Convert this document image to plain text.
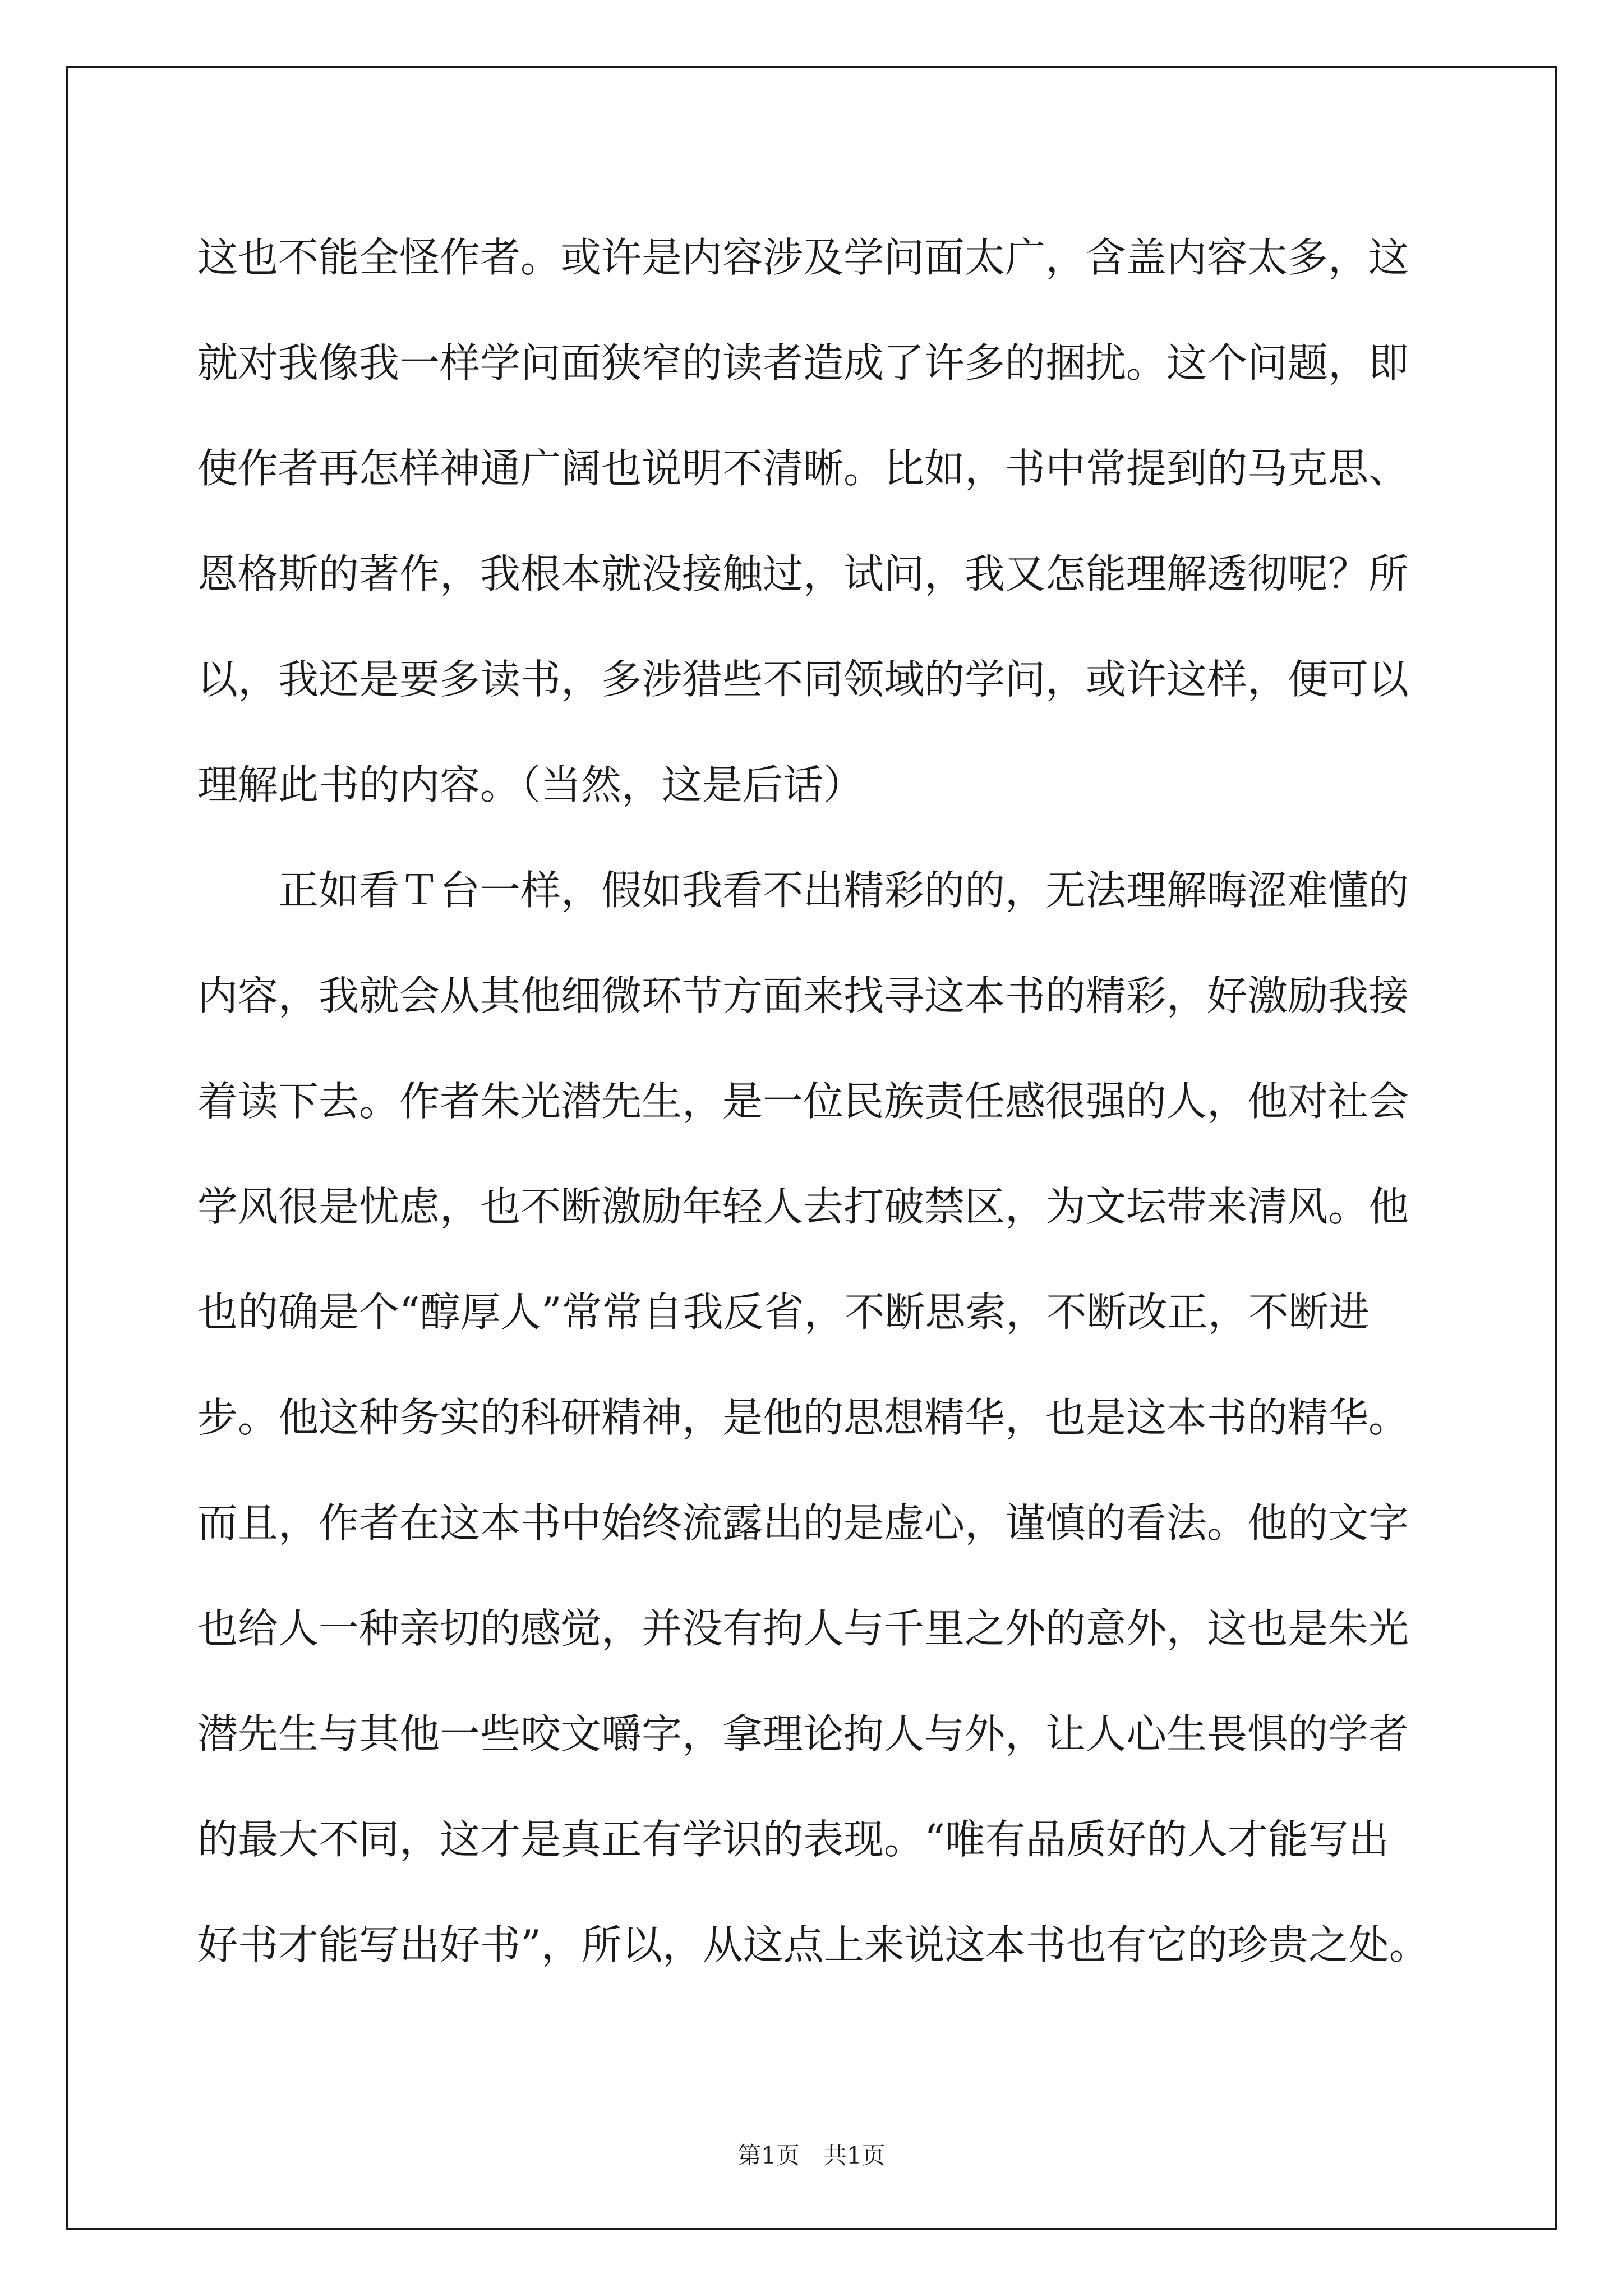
这也不能全怪作者。或许是内容涉及学问面太广，含盖内容太多，这
就对我像我一样学问面狭窄的读者造成了许多的捆扰。这个问题，即
使作者再怎样神通广阔也说明不清晰。比如，书中常提到的马克思、
恩格斯的著作，我根本就没接触过，试问，我又怎能理解透彻呢？所
以，我还是要多读书，多涉猎些不同领域的学问，或许这样，便可以
理解此书的内容。（当然，这是后话）
　　正如看Ｔ台一样，假如我看不出精彩的的，无法理解晦涩难懂的
内容，我就会从其他细微环节方面来找寻这本书的精彩，好激励我接
着读下去。作者朱光潜先生，是一位民族责任感很强的人，他对社会
学风很是忧虑，也不断激励年轻人去打破禁区，为文坛带来清风。他
也的确是个“醇厚人”常常自我反省，不断思索，不断改正，不断进
步。他这种务实的科研精神，是他的思想精华，也是这本书的精华。
而且，作者在这本书中始终流露出的是虚心，谨慎的看法。他的文字
也给人一种亲切的感觉，并没有拘人与千里之外的意外，这也是朱光
潜先生与其他一些咬文嚼字，拿理论拘人与外，让人心生畏惧的学者
的最大不同，这才是真正有学识的表现。“唯有品质好的人才能写出
好书才能写出好书”，所以，从这点上来说这本书也有它的珍贵之处。
第1页　共1页
